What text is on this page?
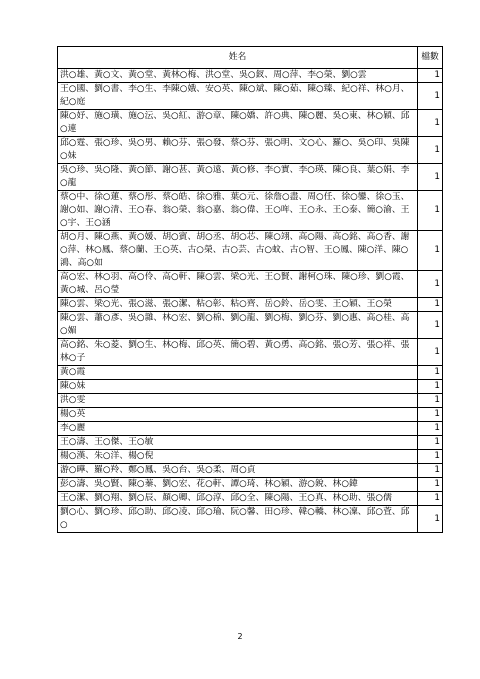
姓名	檔數
洪○雄、黃○文、黃○堂、黃林○梅、洪○堂、吳○釵、周○萍、李○榮、劉○雲	1
王○國、劉○書、李○生、李陳○娥、安○英、陳○斌、陳○茹、陳○臻、紀○祥、林○月、紀○庭	1
陳○妤、施○璜、施○沄、吳○紅、游○章、陳○嬌、許○典、陳○麗、吳○東、林○穎、邱○連	1
邱○霆、張○珍、吳○男、賴○芬、張○發、蔡○芬、張○明、文○心、羅○、吳○印、吳陳○妹	1
吳○珍、吳○隆、黃○節、謝○甚、黃○遠、黃○修、李○實、李○瑛、陳○良、葉○娟、李○龍	1
蔡○中、徐○蓮、蔡○彤、蔡○皓、徐○雅、葉○元、徐詹○盡、周○任、徐○鑾、徐○玉、謝○如、謝○清、王○春、翁○榮、翁○嘉、翁○偉、王○哖、王○永、王○泰、簡○渝、王○宇、王○涵	1
胡○月、陳○燕、黃○媛、胡○賓、胡○丞、胡○芯、陳○翊、高○陽、高○銘、高○香、謝○萍、林○鳳、蔡○蘭、王○英、古○榮、古○芸、古○蚊、古○智、王○鳳、陳○洋、陳○鴻、高○如	1
高○宏、林○羽、高○伶、高○軒、陳○雲、梁○光、王○賢、謝柯○珠、陳○珍、劉○霞、黃○城、呂○瑩	1
陳○雲、梁○光、張○滋、張○潔、粘○彰、粘○齊、岳○鈴、岳○雯、王○穎、王○榮	1
陳○雲、蕭○彥、吳○雜、林○宏、劉○棉、劉○龍、劉○梅、劉○芬、劉○惠、高○桂、高○媚	1
高○銘、朱○菱、劉○生、林○梅、邱○英、簡○碧、黃○勇、高○銘、張○芳、張○祥、張林○子	1
黃○霞	1
陳○妹	1
洪○雯	1
楊○英	1
李○麗	1
王○濤、王○傑、王○敏	1
楊○漢、朱○洋、楊○倪	1
游○曄、羅○羚、鄭○鳳、吳○台、吳○柔、周○貞	1
彭○濤、吳○賢、陳○蓁、劉○宏、花○軒、譚○琦、林○穎、游○銳、林○鍏	1
王○潔、劉○翔、劉○辰、顏○卿、邱○淳、邱○全、陳○陽、王○真、林○助、張○儒	1
劉○心、劉○珍、邱○助、邱○凌、邱○瑜、阮○馨、田○珍、韓○轎、林○凜、邱○萓、邱○	1
2
